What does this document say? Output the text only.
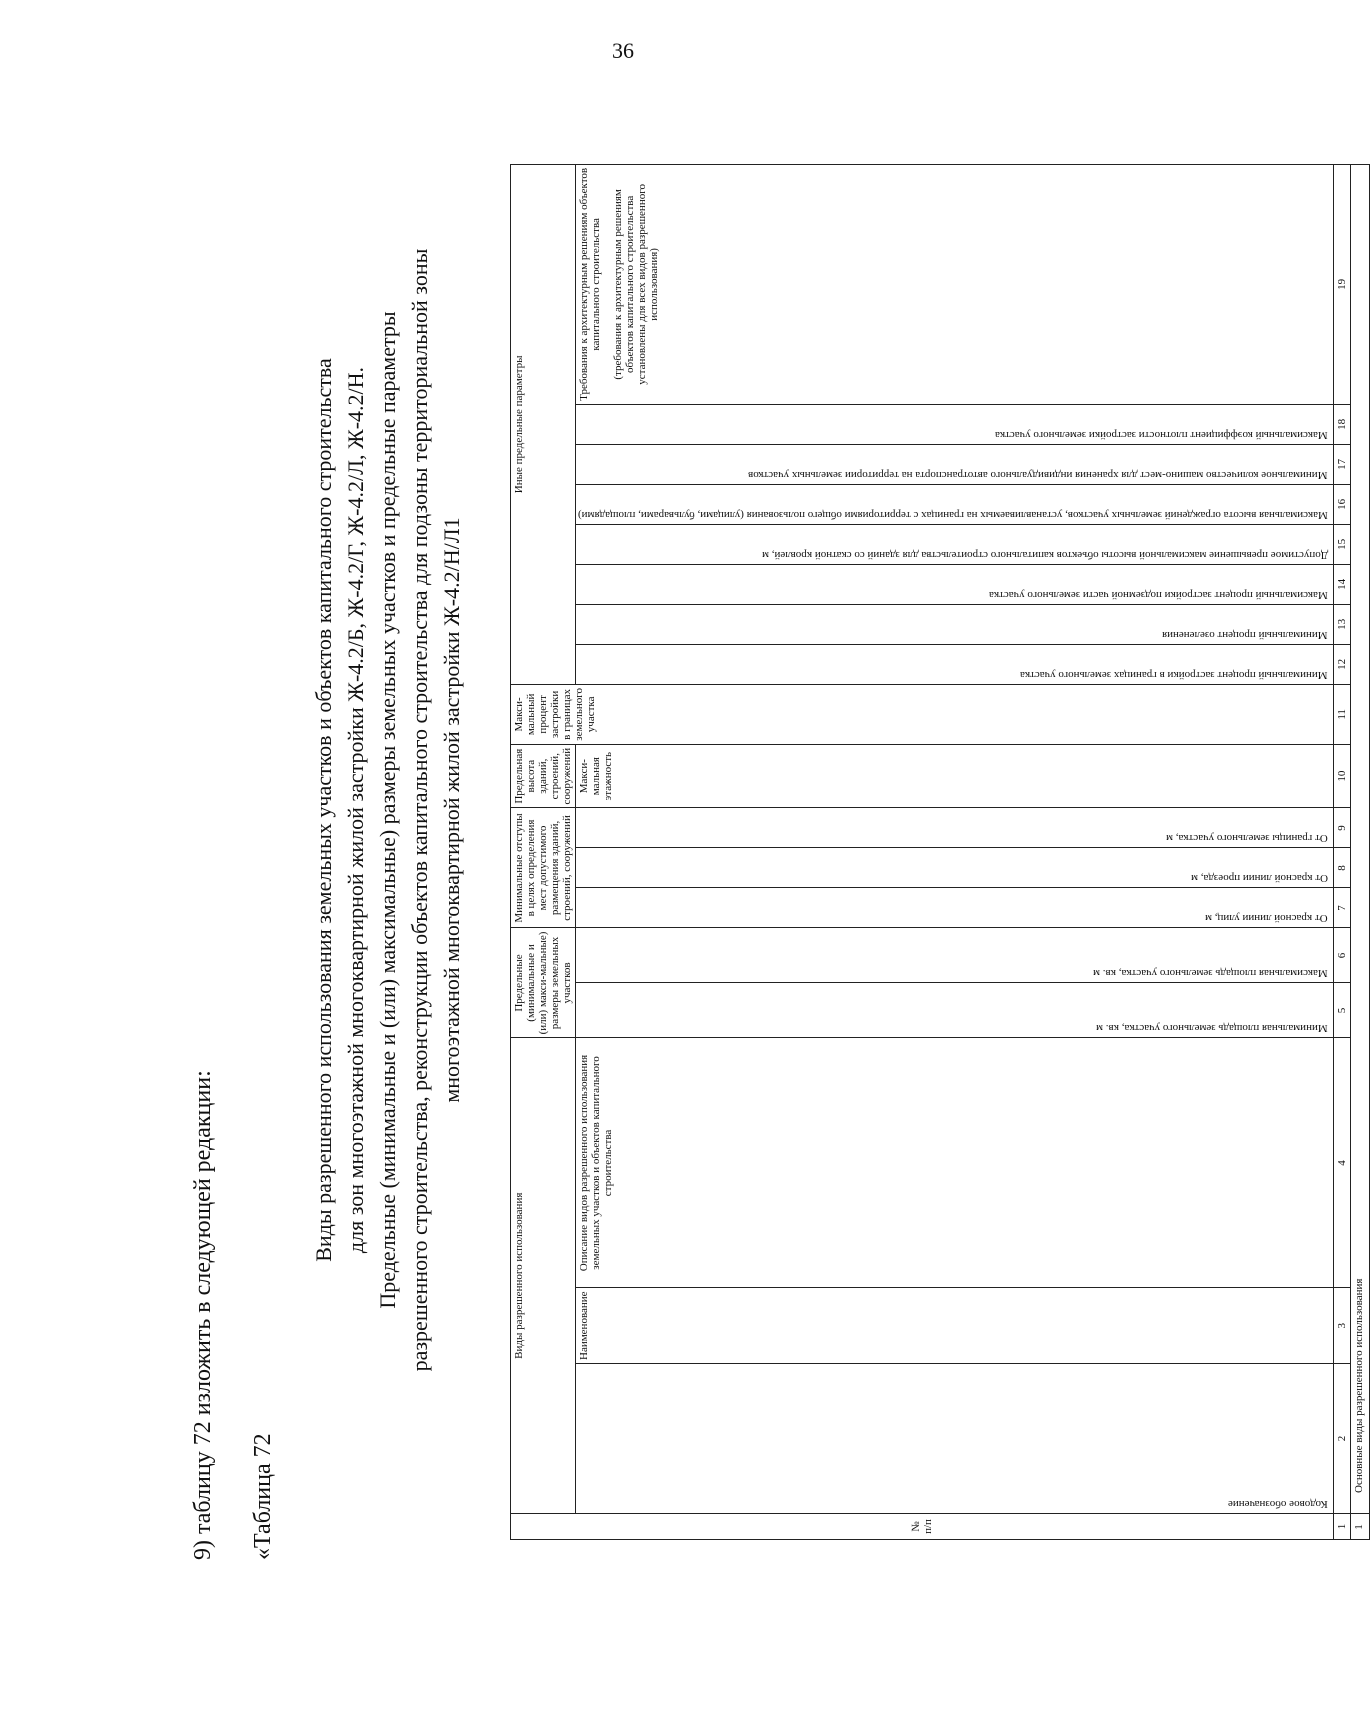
36
9) таблицу 72 изложить в следующей редакции: «Таблица 72
Виды разрешенного использования земельных участков и объектов капитального строительства для зон многоэтажной многоквартирной жилой застройки Ж-4.2/Б, Ж-4.2/Г, Ж-4.2/Л, Ж-4.2/Н. Предельные (минимальные и (или) максимальные) размеры земельных участков и предельные параметры разрешенного строительства, реконструкции объектов капитального строительства для подзоны территориальной зоны многоэтажной многоквартирной жилой застройки Ж-4.2/Н/Л1
№ п/п	Виды разрешенного использования			Предельные (минимальные и (или) макси-мальные) размеры земельных участков		Минимальные отступы в целях определения мест допустимого размещения зданий, строений, сооружений			Предельная высота зданий, строений, сооружений	Макси-мальный процент застройки в границах земельного участка	Иные предельные параметры							
	Кодовое обозначение	Наименование	Описание видов разрешенного использования земельных участков и объектов капитального строительства	Минимальная площадь земельного участка, кв. м	Максимальная площадь земельного участка, кв. м	От красной линии улиц, м	От красной линии проезда, м	От границы земельного участка, м	Макси-мальная этажность		Минимальный процент застройки в границах земельного участка	Минимальный процент озеленения	Максимальный процент застройки подземной части земельного участка	Допустимое превышение максимальной высоты объектов капитального строительства для зданий со скатной кровлей, м	Максимальная высота ограждений земельных участков, устанавливаемых на границах с территориями общего пользования (улицами, бульварами, площадями)	Минимальное количество машино-мест для хранения индивидуального автотранспорта на территории земельных участков	Максимальный коэффициент плотности застройки земельного участка	Требования к архитектурным решениям объектов капитального строительства (требования к архитектурным решениям объектов капитального строительства установлены для всех видов разрешенного использования)

1	2	3	4	5	6	7	8	9	10	11	12	13	14	15	16	17	18	19
1	Основные виды разрешенного использования																	
